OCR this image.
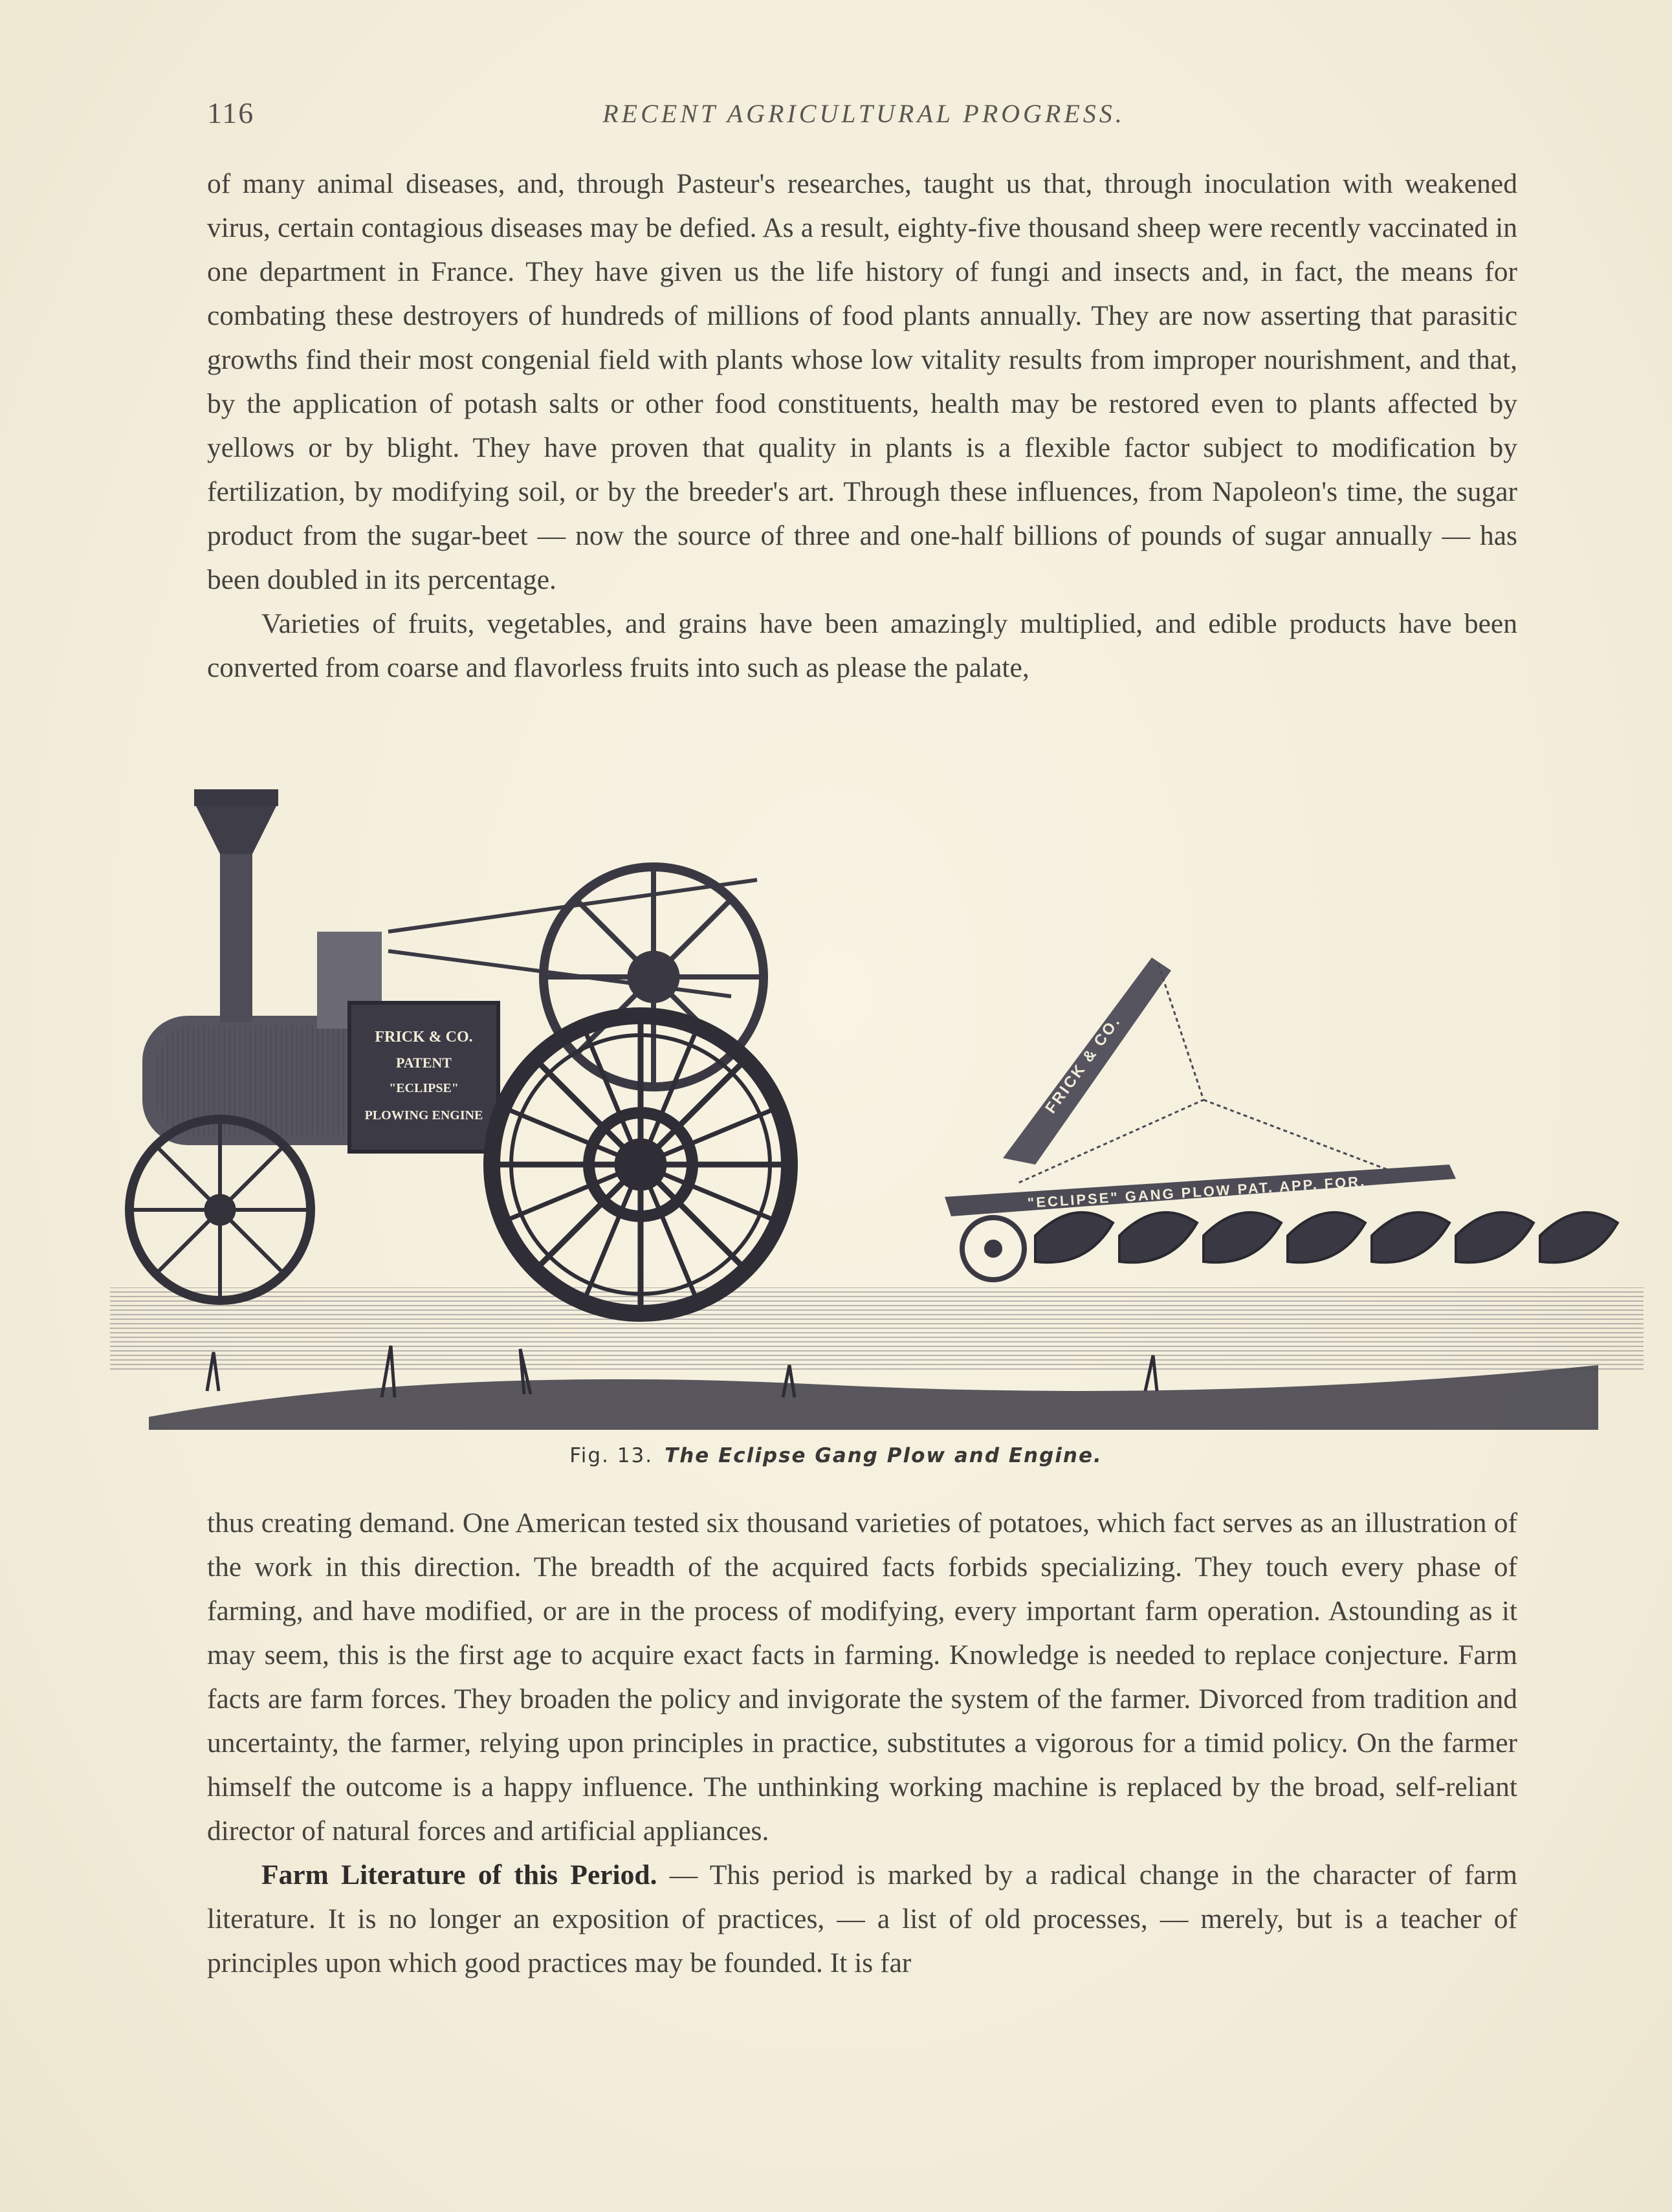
116	RECENT AGRICULTURAL PROGRESS.

of many animal diseases, and, through Pasteur's researches, taught us that, through inoculation with weakened virus, certain contagious diseases may be defied. As a result, eighty-five thousand sheep were recently vaccinated in one department in France. They have given us the life history of fungi and insects and, in fact, the means for combating these destroyers of hundreds of millions of food plants annually. They are now asserting that parasitic growths find their most congenial field with plants whose low vitality results from improper nourishment, and that, by the application of potash salts or other food constituents, health may be restored even to plants affected by yellows or by blight. They have proven that quality in plants is a flexible factor subject to modification by fertilization, by modifying soil, or by the breeder's art. Through these influences, from Napoleon's time, the sugar product from the sugar-beet — now the source of three and one-half billions of pounds of sugar annually — has been doubled in its percentage.

Varieties of fruits, vegetables, and grains have been amazingly multiplied, and edible products have been converted from coarse and flavorless fruits into such as please the palate,

FRICK & CO.
PATENT
"ECLIPSE"
PLOWING ENGINE	FRICK & CO.
"ECLIPSE" GANG PLOW PAT. APP. FOR.
Fig. 13. The Eclipse Gang Plow and Engine.

thus creating demand. One American tested six thousand varieties of potatoes, which fact serves as an illustration of the work in this direction. The breadth of the acquired facts forbids specializing. They touch every phase of farming, and have modified, or are in the process of modifying, every important farm operation. Astounding as it may seem, this is the first age to acquire exact facts in farming. Knowledge is needed to replace conjecture. Farm facts are farm forces. They broaden the policy and invigorate the system of the farmer. Divorced from tradition and uncertainty, the farmer, relying upon principles in practice, substitutes a vigorous for a timid policy. On the farmer himself the outcome is a happy influence. The unthinking working machine is replaced by the broad, self-reliant director of natural forces and artificial appliances.

Farm Literature of this Period. — This period is marked by a radical change in the character of farm literature. It is no longer an exposition of practices, — a list of old processes, — merely, but is a teacher of principles upon which good practices may be founded. It is far
